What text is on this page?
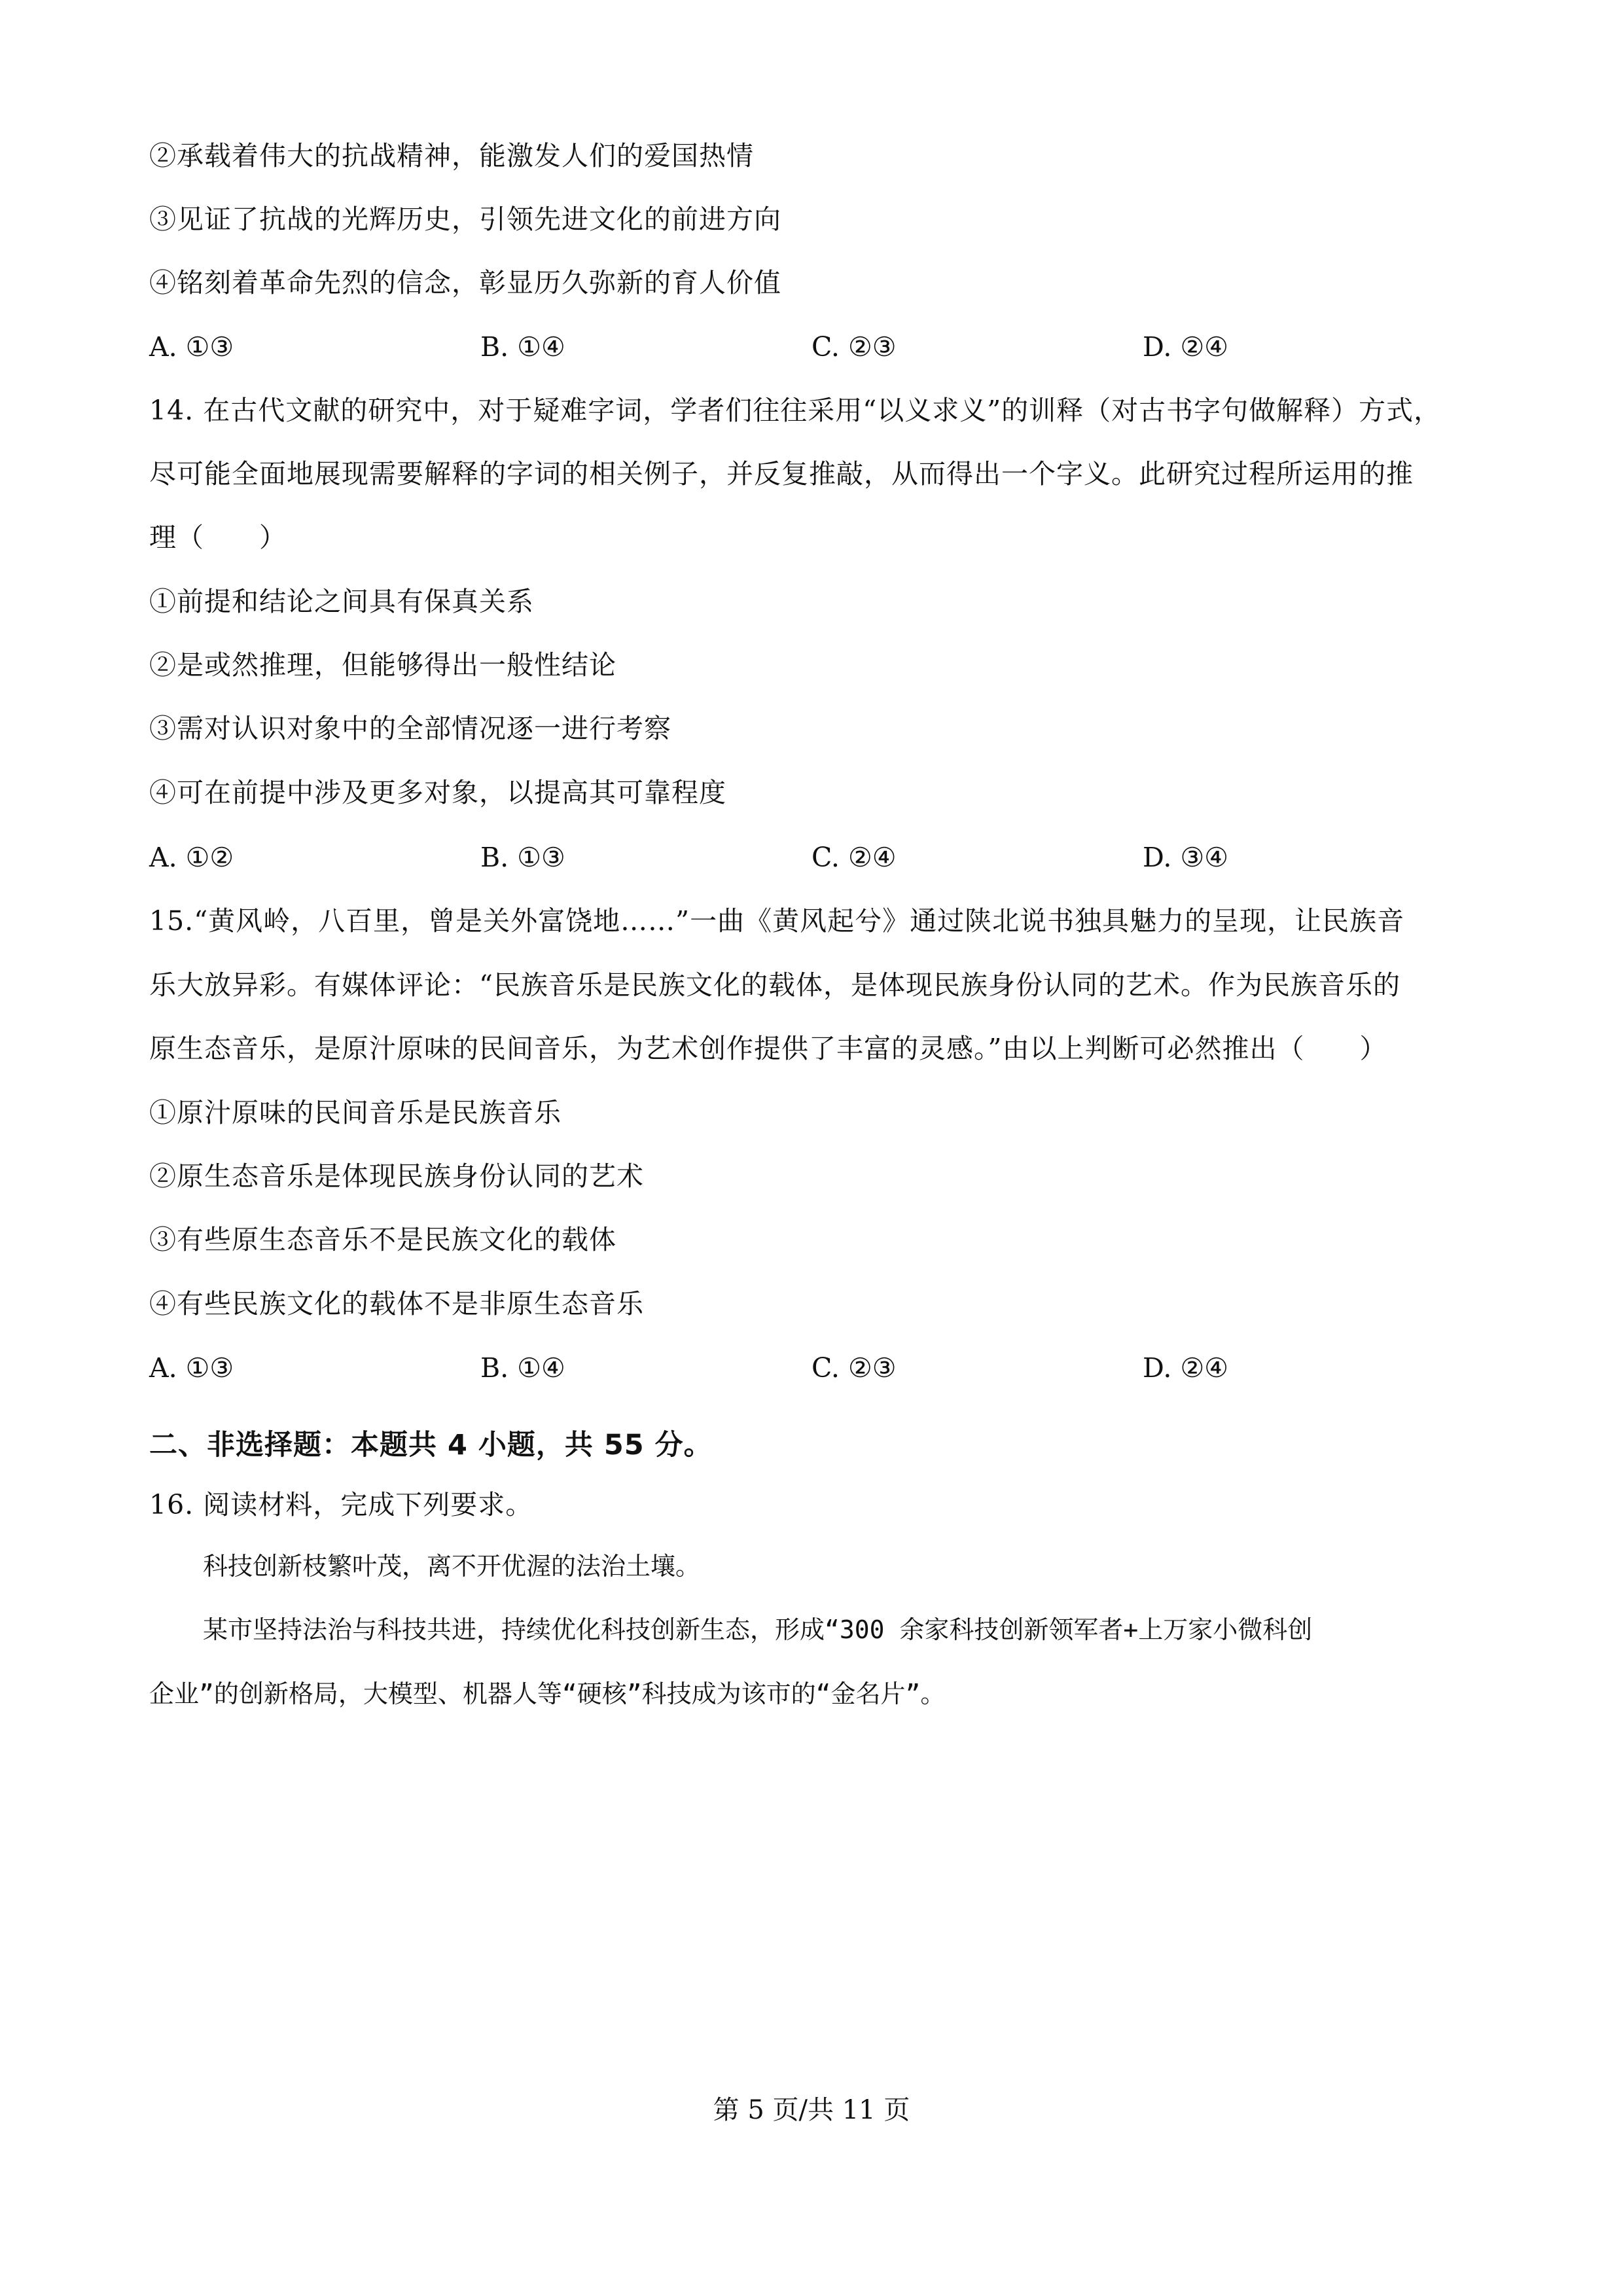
②承载着伟大的抗战精神，能激发人们的爱国热情
③见证了抗战的光辉历史，引领先进文化的前进方向
④铭刻着革命先烈的信念，彰显历久弥新的育人价值
A. ①③	B. ①④	C. ②③	D. ②④
14. 在古代文献的研究中，对于疑难字词，学者们往往采用“以义求义”的训释（对古书字句做解释）方式，
尽可能全面地展现需要解释的字词的相关例子，并反复推敲，从而得出一个字义。此研究过程所运用的推
理（　　）
①前提和结论之间具有保真关系
②是或然推理，但能够得出一般性结论
③需对认识对象中的全部情况逐一进行考察
④可在前提中涉及更多对象，以提高其可靠程度
A. ①②	B. ①③	C. ②④	D. ③④
15.“黄风岭，八百里，曾是关外富饶地……”一曲《黄风起兮》通过陕北说书独具魅力的呈现，让民族音
乐大放异彩。有媒体评论：“民族音乐是民族文化的载体，是体现民族身份认同的艺术。作为民族音乐的
原生态音乐，是原汁原味的民间音乐，为艺术创作提供了丰富的灵感。”由以上判断可必然推出（　　）
①原汁原味的民间音乐是民族音乐
②原生态音乐是体现民族身份认同的艺术
③有些原生态音乐不是民族文化的载体
④有些民族文化的载体不是非原生态音乐
A. ①③	B. ①④	C. ②③	D. ②④
二、非选择题：本题共 4 小题，共 55 分。
16. 阅读材料，完成下列要求。
科技创新枝繁叶茂，离不开优渥的法治土壤。
某市坚持法治与科技共进，持续优化科技创新生态，形成“300 余家科技创新领军者+上万家小微科创
企业”的创新格局，大模型、机器人等“硬核”科技成为该市的“金名片”。
第 5 页/共 11 页
